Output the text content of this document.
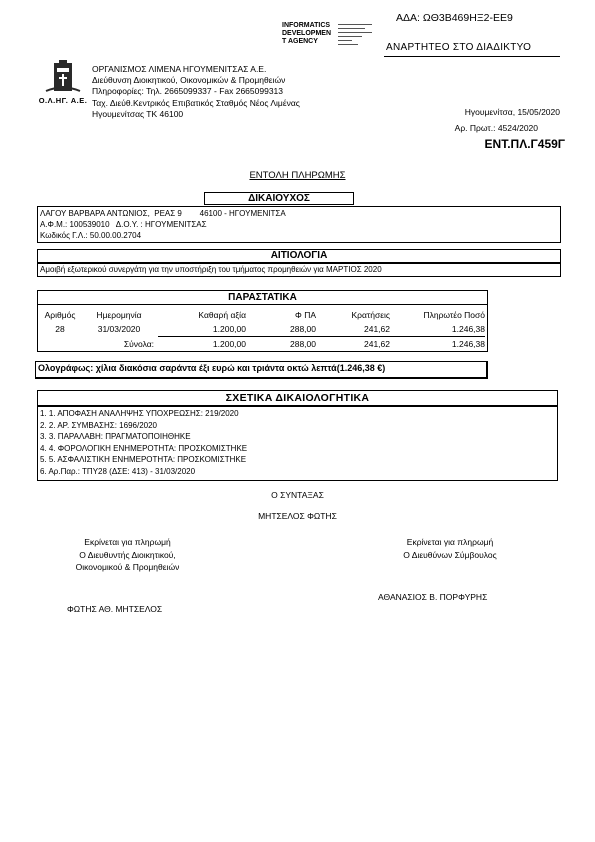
ΑΔΑ: ΩΘ3Β469ΗΞ2-ΕΕ9
INFORMATICS
DEVELOPMEN
T AGENCY
ΑΝΑΡΤΗΤΕΟ ΣΤΟ ΔΙΑΔΙΚΤΥΟ
Ο.Λ.ΗΓ. Α.Ε.
ΟΡΓΑΝΙΣΜΟΣ ΛΙΜΕΝΑ ΗΓΟΥΜΕΝΙΤΣΑΣ Α.Ε.
Διεύθυνση Διοικητικού, Οικονομικών & Προμηθειών
Πληροφορίες: Τηλ. 2665099337 - Fax 2665099313
Ταχ. Διεύθ.Κεντρικός Επιβατικός Σταθμός Νέος Λιμένας
Ηγουμενίτσας ΤΚ 46100	Ηγουμενίτσα, 15/05/2020
Αρ. Πρωτ.: 4524/2020
ΕΝΤ.ΠΛ.Γ459Γ
ΕΝΤΟΛΗ ΠΛΗΡΩΜΗΣ
ΔΙΚΑΙΟΥΧΟΣ
ΛΑΓΟΥ ΒΑΡΒΑΡΑ ΑΝΤΩΝΙΟΣ,  ΡΕΑΣ 9        46100 - ΗΓΟΥΜΕΝΙΤΣΑ
Α.Φ.Μ.: 100539010   Δ.Ο.Υ. : ΗΓΟΥΜΕΝΙΤΣΑΣ
Κωδικός Γ.Λ.: 50.00.00.2704
ΑΙΤΙΟΛΟΓΙΑ
Αμοιβή εξωτερικού συνεργάτη για την υποστήριξη του τμήματος προμηθειών για ΜΑΡΤΙΟΣ 2020
ΠΑΡΑΣΤΑΤΙΚΑ
Αριθμός	Ημερομηνία	Καθαρή αξία	Φ ΠΑ	Κρατήσεις	Πληρωτέο Ποσό
28	31/03/2020	1.200,00	288,00	241,62	1.246,38
Σύνολα:		1.200,00	288,00	241,62	1.246,38
Ολογράφως: χίλια διακόσια σαράντα έξι ευρώ και τριάντα οκτώ λεπτά(1.246,38 €)
ΣΧΕΤΙΚΑ ΔΙΚΑΙΟΛΟΓΗΤΙΚΑ
1. 1. ΑΠΟΦΑΣΗ ΑΝΑΛΗΨΗΣ ΥΠΟΧΡΕΩΣΗΣ: 219/2020
2. 2. ΑΡ. ΣΥΜΒΑΣΗΣ: 1696/2020
3. 3. ΠΑΡΑΛΑΒΗ: ΠΡΑΓΜΑΤΟΠΟΙΗΘΗΚΕ
4. 4. ΦΟΡΟΛΟΓΙΚΗ ΕΝΗΜΕΡΟΤΗΤΑ: ΠΡΟΣΚΟΜΙΣΤΗΚΕ
5. 5. ΑΣΦΑΛΙΣΤΙΚΗ ΕΝΗΜΕΡΟΤΗΤΑ: ΠΡΟΣΚΟΜΙΣΤΗΚΕ
6. Αρ.Παρ.: ΤΠΥ28 (ΔΣΕ: 413) - 31/03/2020
Ο ΣΥΝΤΑΞΑΣ
ΜΗΤΣΕΛΟΣ ΦΩΤΗΣ
Εκρίνεται για πληρωμή
Ο Διευθυντής Διοικητικού,
Οικονομικού & Προμηθειών
Εκρίνεται για πληρωμή
Ο Διευθύνων Σύμβουλος
ΑΘΑΝΑΣΙΟΣ Β. ΠΟΡΦΥΡΗΣ
ΦΩΤΗΣ ΑΘ. ΜΗΤΣΕΛΟΣ
